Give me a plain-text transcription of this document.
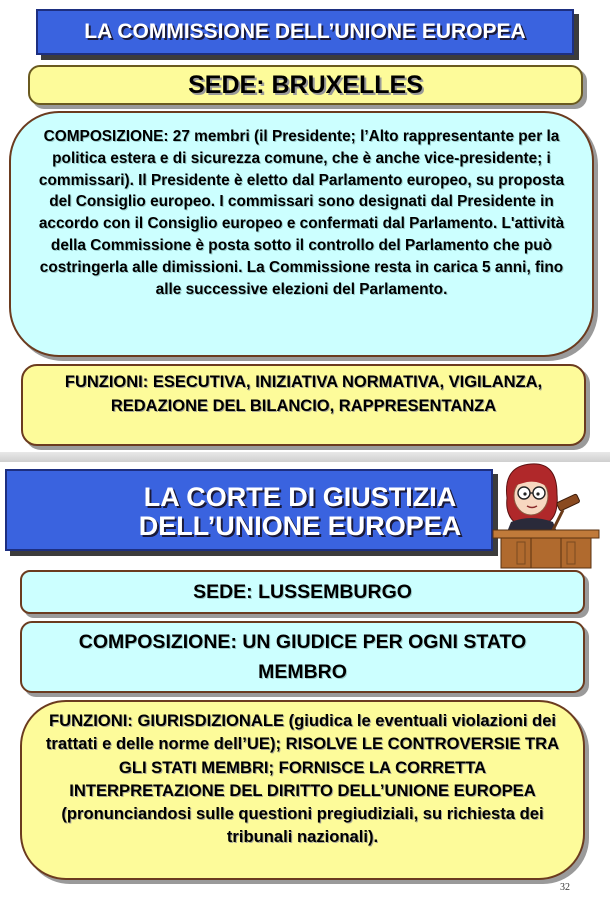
LA COMMISSIONE DELL’UNIONE EUROPEA
SEDE: BRUXELLES
COMPOSIZIONE: 27 membri (il Presidente; l’Alto rappresentante per la politica estera e di sicurezza comune, che è anche vice-presidente; i commissari). Il Presidente è eletto dal Parlamento europeo, su proposta del Consiglio europeo. I commissari sono designati dal Presidente in accordo con il Consiglio europeo e confermati dal Parlamento. L'attività della Commissione è posta sotto il controllo del Parlamento che può costringerla alle dimissioni. La Commissione resta in carica 5 anni, fino alle successive elezioni del Parlamento.
FUNZIONI: ESECUTIVA, INIZIATIVA NORMATIVA, VIGILANZA, REDAZIONE DEL BILANCIO, RAPPRESENTANZA
LA CORTE DI GIUSTIZIA
DELL’UNIONE EUROPEA
SEDE: LUSSEMBURGO
COMPOSIZIONE: UN GIUDICE PER OGNI STATO MEMBRO
FUNZIONI: GIURISDIZIONALE (giudica le eventuali violazioni dei trattati e delle norme dell’UE); RISOLVE LE CONTROVERSIE TRA GLI STATI MEMBRI; FORNISCE LA CORRETTA INTERPRETAZIONE DEL DIRITTO DELL’UNIONE EUROPEA (pronunciandosi sulle questioni pregiudiziali, su richiesta dei tribunali nazionali).
32
